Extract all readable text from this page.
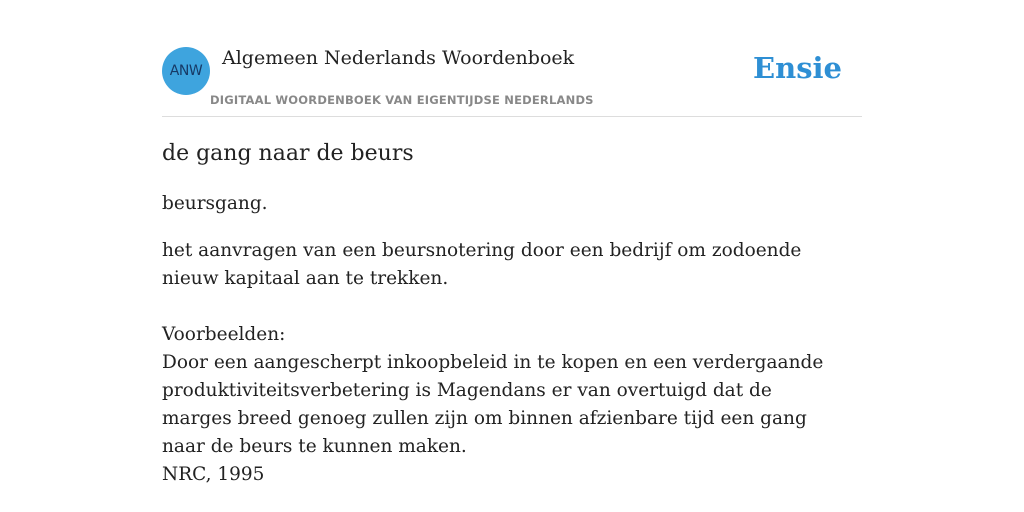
ANW
Algemeen Nederlands Woordenboek
DIGITAAL WOORDENBOEK VAN EIGENTIJDSE NEDERLANDS
Ensie
de gang naar de beurs
beursgang.
het aanvragen van een beursnotering door een bedrijf om zodoende nieuw kapitaal aan te trekken.
Voorbeelden:
Door een aangescherpt inkoopbeleid in te kopen en een verdergaande produktiviteitsverbetering is Magendans er van overtuigd dat de marges breed genoeg zullen zijn om binnen afzienbare tijd een gang naar de beurs te kunnen maken.
NRC, 1995
